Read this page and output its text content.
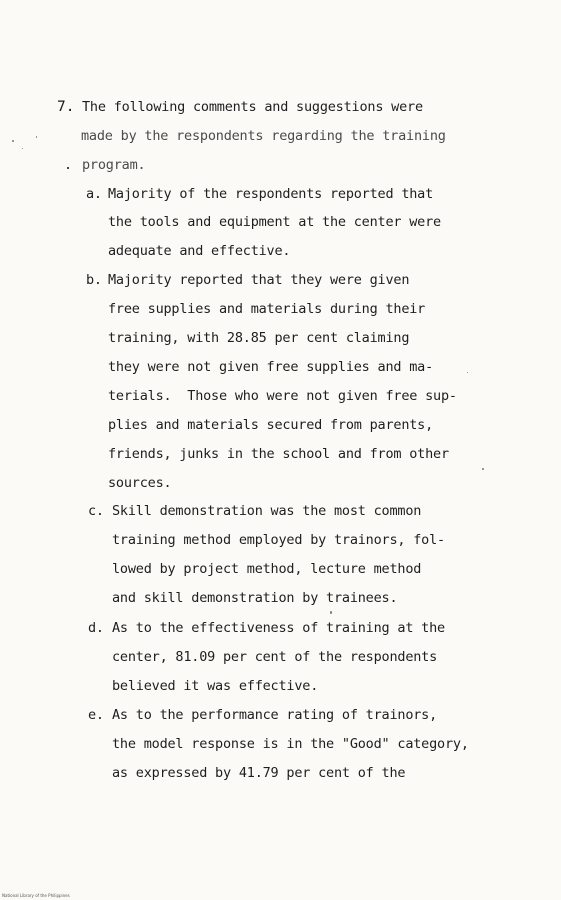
7. The following comments and suggestions were
made by the respondents regarding the training
. program.
a. Majority of the respondents reported that
the tools and equipment at the center were
adequate and effective.
b. Majority reported that they were given
free supplies and materials during their
training, with 28.85 per cent claiming
they were not given free supplies and ma-
terials.  Those who were not given free sup-
plies and materials secured from parents,
friends, junks in the school and from other
sources.
c. Skill demonstration was the most common
training method employed by trainors, fol-
lowed by project method, lecture method
and skill demonstration by trainees.
d. As to the effectiveness of training at the
center, 81.09 per cent of the respondents
believed it was effective.
e. As to the performance rating of trainors,
the model response is in the "Good" category,
as expressed by 41.79 per cent of the
National Library of the Philippines
